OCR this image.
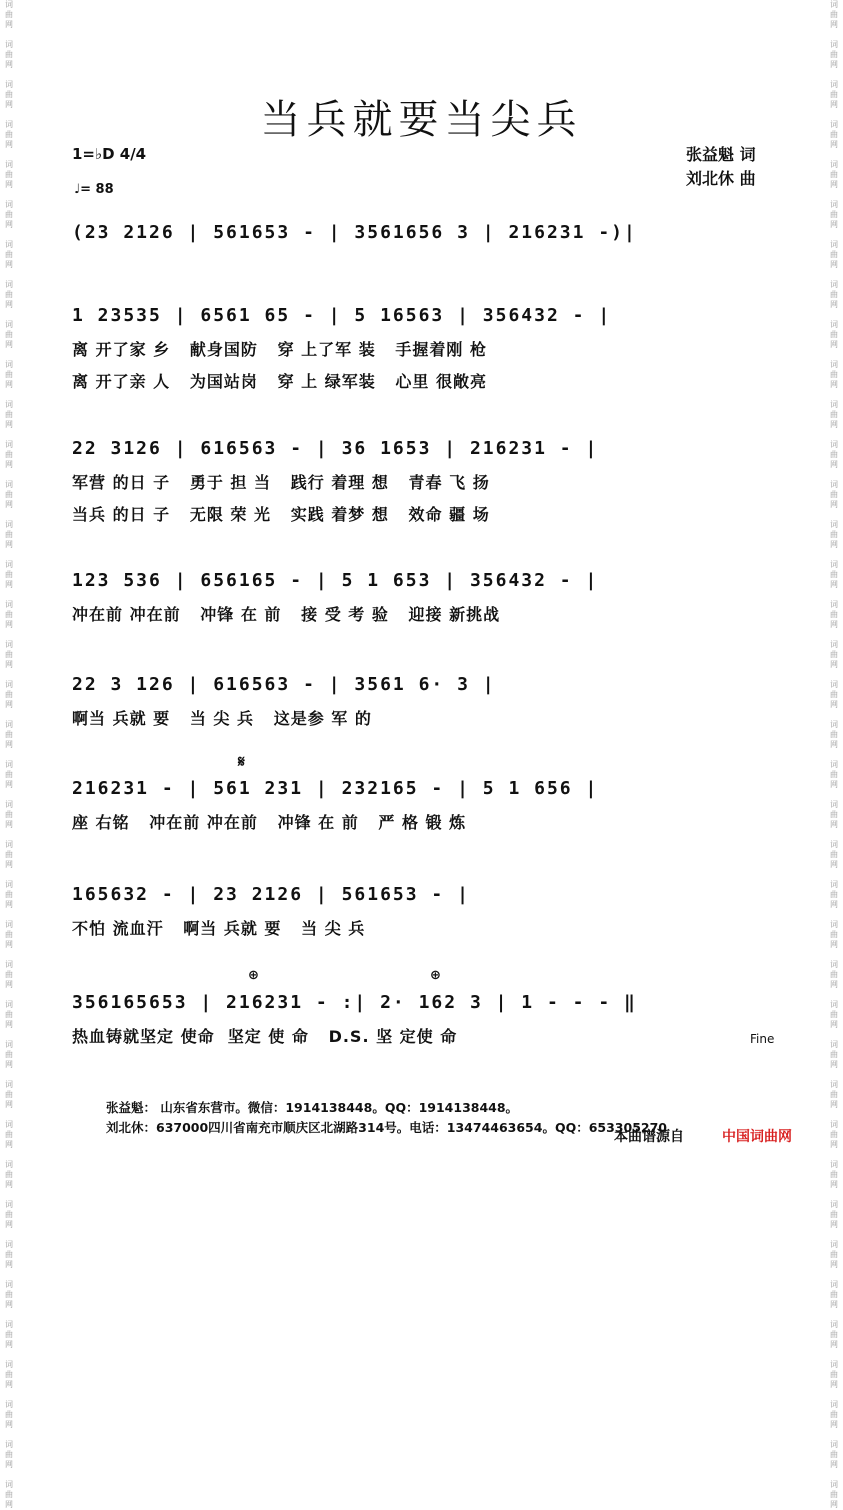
词
曲
网

词
曲
网

词
曲
网

词
曲
网

词
曲
网

词
曲
网

词
曲
网

词
曲
网

词
曲
网

词
曲
网

词
曲
网

词
曲
网

词
曲
网

词
曲
网

词
曲
网

词
曲
网

词
曲
网

词
曲
网

词
曲
网

词
曲
网

词
曲
网

词
曲
网

词
曲
网

词
曲
网

词
曲
网

词
曲
网

词
曲
网

词
曲
网

词
曲
网

词
曲
网

词
曲
网

词
曲
网

词
曲
网

词
曲
网

词
曲
网

词
曲
网

词
曲
网

词
曲
网

词
曲
网

词
曲
网

词
曲
网

词
曲
网

词
曲
网

词
曲
网

词
曲
网

词
曲
网

词
曲
网

词
曲
网

词
曲
网

词
曲
网

词
曲
网

词
曲
网

词
曲
网

词
曲
网

词
曲
网

词
曲
网

词
曲
网

词
曲
网

词
曲
网

词
曲
网

词
曲
网

词
曲
网

词
曲
网

词
曲
网

词
曲
网

词
曲
网

词
曲
网

词
曲
网

词
曲
网

词
曲
网

词
曲
网

词
曲
网

词
曲
网

词
曲
网

词
曲
网

词
曲
网

当兵就要当尖兵
1=♭D 4/4
♩= 88
张益魁 词
刘北休 曲
(23 2126 | 561653 - | 3561656 3 | 216231 -)|
1 23535 | 6561 65 - | 5 16563 | 356432 - |
离 开了家 乡   献身国防   穿 上了军 装   手握着刚 枪
离 开了亲 人   为国站岗   穿 上 绿军装   心里 很敞亮
22 3126 | 616563 - | 36 1653 | 216231 - |
军营 的日 子   勇于 担 当   践行 着理 想   青春 飞 扬
当兵 的日 子   无限 荣 光   实践 着梦 想   效命 疆 场
123 536 | 656165 - | 5 1 653 | 356432 - |
冲在前 冲在前   冲锋 在 前   接 受 考 验   迎接 新挑战
22 3 126 | 616563 - | 3561 6· 3 |
啊当 兵就 要   当 尖 兵   这是参 军 的
216231 - | 561 231 | 232165 - | 5 1 656 |
座 右铭   冲在前 冲在前   冲锋 在 前   严 格 锻 炼
165632 - | 23 2126 | 561653 - |
不怕 流血汗   啊当 兵就 要   当 尖 兵
356165653 | 216231 - :| 2· 162 3 | 1 - - - ‖
热血铸就坚定 使命  坚定 使 命   D.S. 坚 定使 命	Fine
𝄋
⊕	⊕
张益魁： 山东省东营市。微信：1914138448。QQ：1914138448。
刘北休：637000四川省南充市顺庆区北湖路314号。电话：13474463654。QQ：653305270
本曲谱源自	中国词曲网
